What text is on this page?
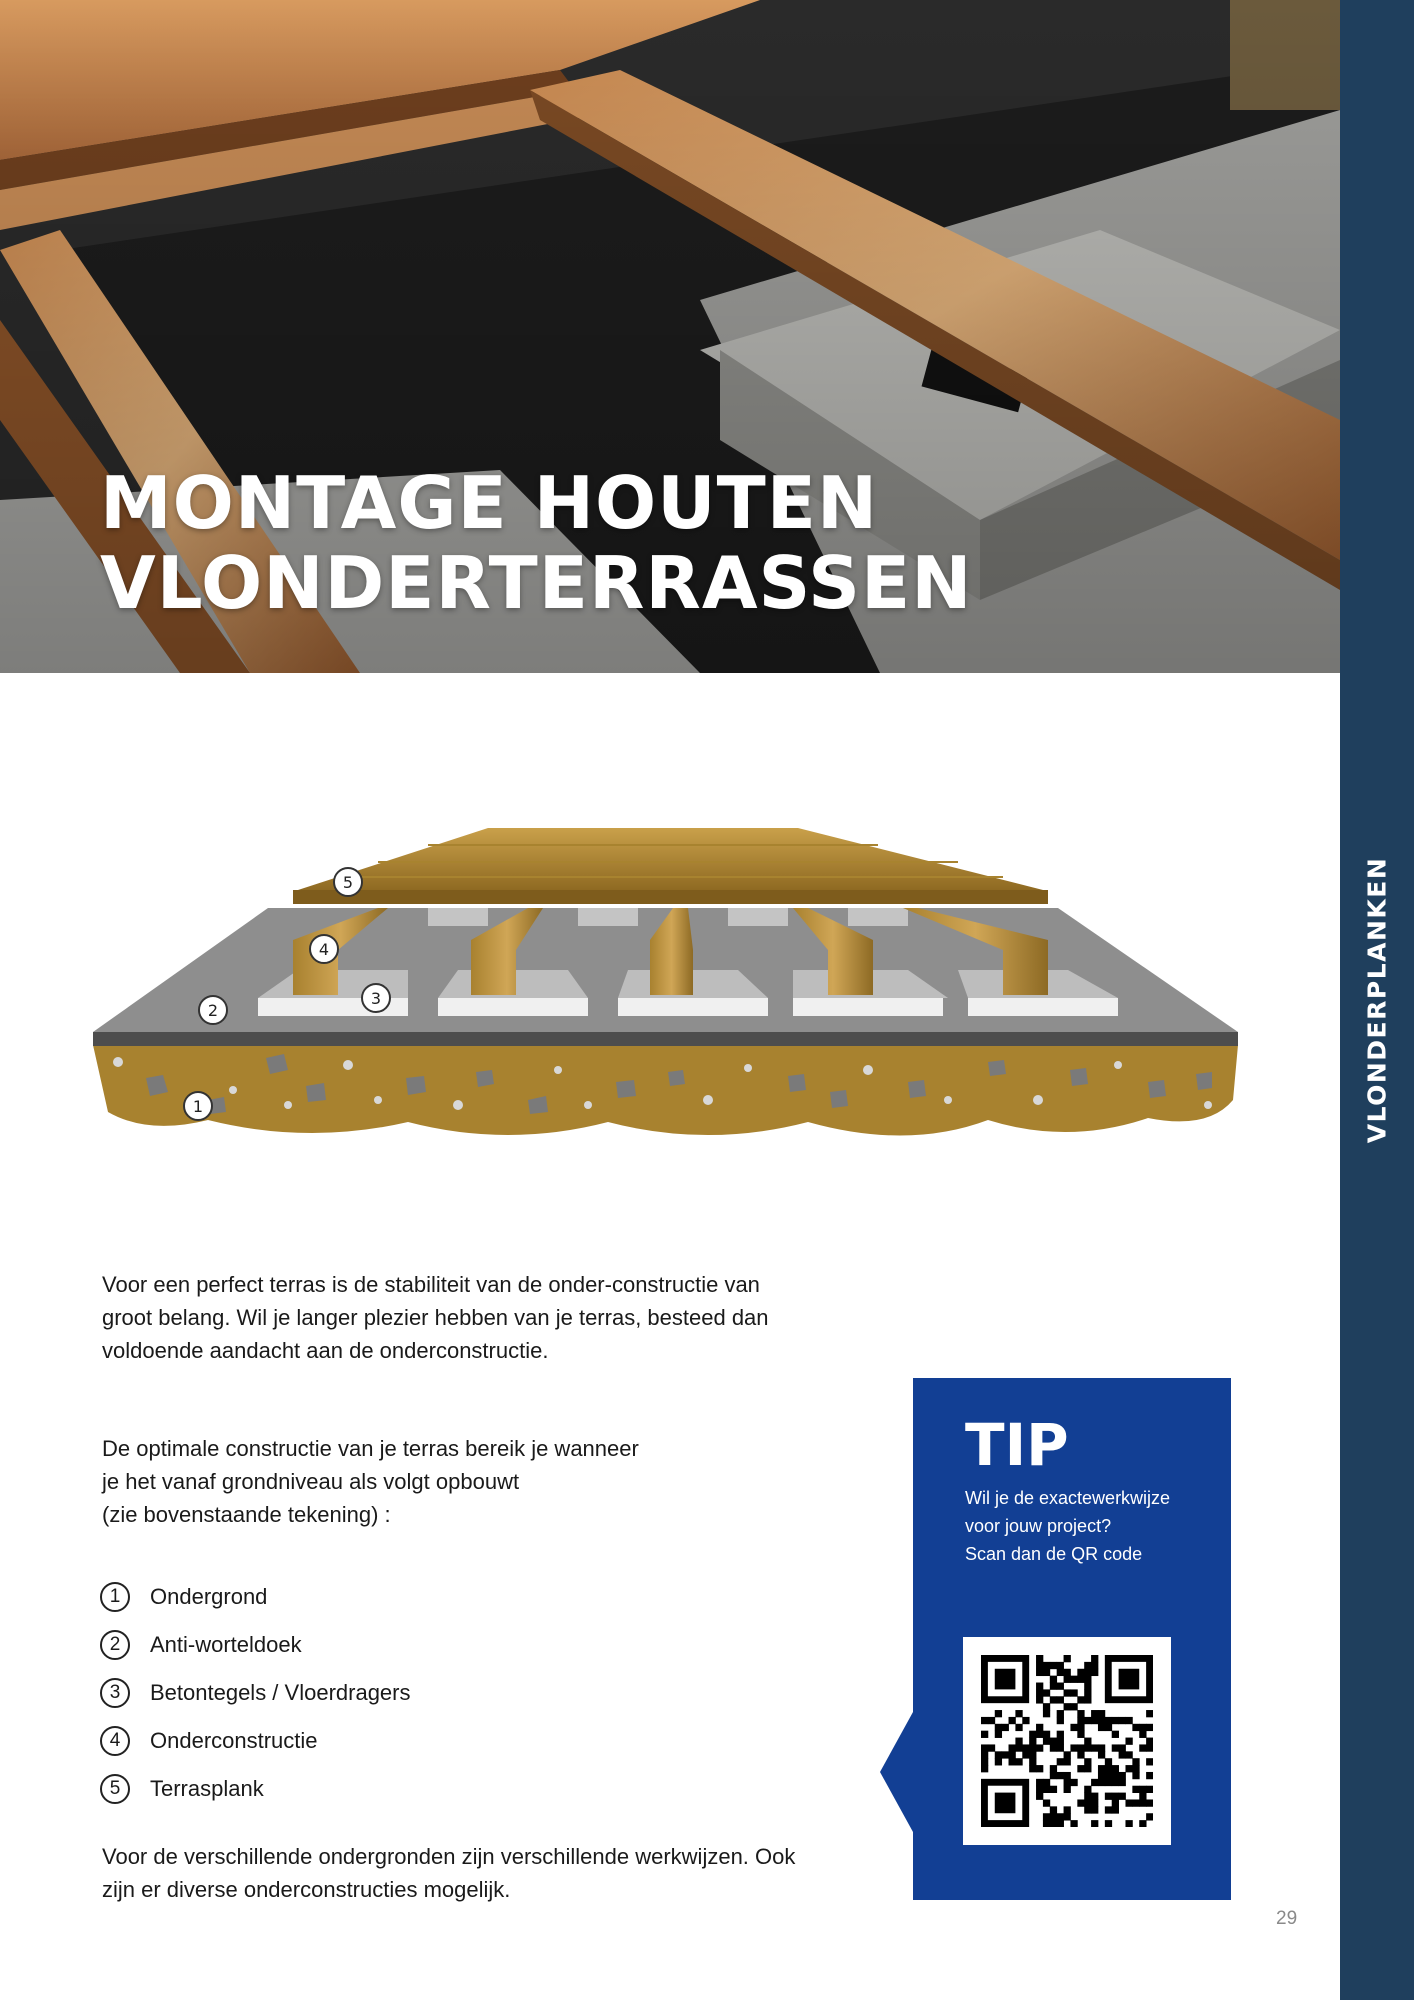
MONTAGE HOUTEN
VLONDERTERRASSEN
VLONDERPLANKEN
5
4
3
2
1

Voor een perfect terras is de stabiliteit van de onder-constructie van groot belang. Wil je langer plezier hebben van je terras, besteed dan voldoende aandacht aan de onderconstructie.

De optimale constructie van je terras bereik je wanneer
je het vanaf grondniveau als volgt opbouwt
(zie bovenstaande tekening) :

1	Ondergrond
2	Anti-worteldoek
3	Betontegels / Vloerdragers
4	Onderconstructie
5	Terrasplank

Voor de verschillende ondergronden zijn verschillende werkwijzen. Ook zijn er diverse onderconstructies mogelijk.

TIP
Wil je de exactewerkwijze
voor jouw project?
Scan dan de QR code
29
